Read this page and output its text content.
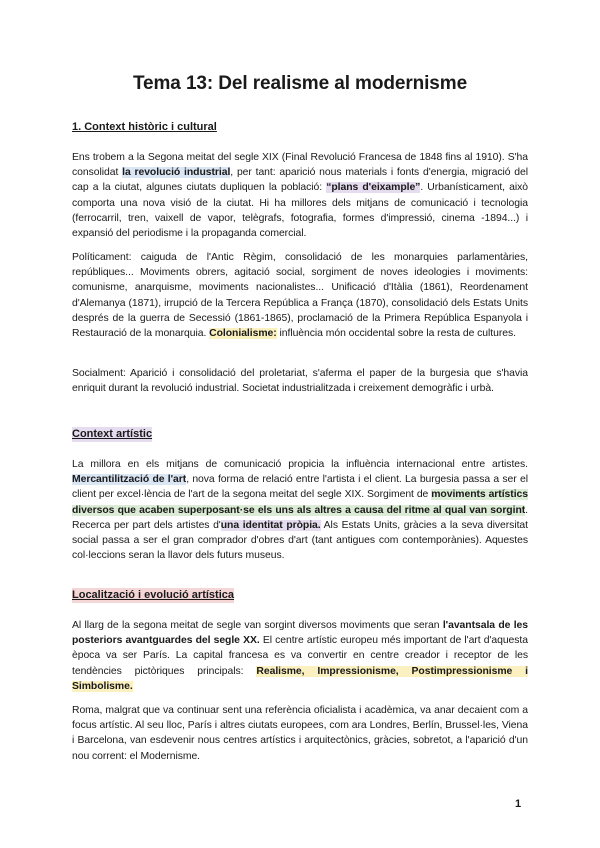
Tema 13: Del realisme al modernisme
1. Context històric i cultural

Ens trobem a la Segona meitat del segle XIX (Final Revolució Francesa de 1848 fins al 1910). S'ha consolidat la revolució industrial, per tant: aparició nous materials i fonts d'energia, migració del cap a la ciutat, algunes ciutats dupliquen la població: “plans d'eixample”. Urbanísticament, això comporta una nova visió de la ciutat. Hi ha millores dels mitjans de comunicació i tecnologia (ferrocarril, tren, vaixell de vapor, telègrafs, fotografia, formes d'impressió, cinema -1894...) i expansió del periodisme i la propaganda comercial.

Políticament: caiguda de l'Antic Règim, consolidació de les monarquies parlamentàries, repúbliques... Moviments obrers, agitació social, sorgiment de noves ideologies i moviments: comunisme, anarquisme, moviments nacionalistes... Unificació d'Itàlia (1861), Reordenament d'Alemanya (1871), irrupció de la Tercera República a França (1870), consolidació dels Estats Units després de la guerra de Secessió (1861-1865), proclamació de la Primera República Espanyola i Restauració de la monarquia. Colonialisme: influència món occidental sobre la resta de cultures.

Socialment: Aparició i consolidació del proletariat, s'aferma el paper de la burgesia que s'havia enriquit durant la revolució industrial. Societat industrialitzada i creixement demogràfic i urbà.

Context artístic

La millora en els mitjans de comunicació propicia la influència internacional entre artistes. Mercantilització de l'art, nova forma de relació entre l'artista i el client. La burgesia passa a ser el client per excel·lència de l'art de la segona meitat del segle XIX. Sorgiment de moviments artístics diversos que acaben superposant·se els uns als altres a causa del ritme al qual van sorgint. Recerca per part dels artistes d'una identitat pròpia. Als Estats Units, gràcies a la seva diversitat social passa a ser el gran comprador d'obres d'art (tant antigues com contemporànies). Aquestes col·leccions seran la llavor dels futurs museus.

Localització i evolució artística

Al llarg de la segona meitat de segle van sorgint diversos moviments que seran l'avantsala de les posteriors avantguardes del segle XX. El centre artístic europeu més important de l'art d'aquesta època va ser París. La capital francesa es va convertir en centre creador i receptor de les tendències pictòriques principals: Realisme, Impressionisme, Postimpressionisme i Simbolisme.

Roma, malgrat que va continuar sent una referència oficialista i acadèmica, va anar decaient com a focus artístic. Al seu lloc, París i altres ciutats europees, com ara Londres, Berlín, Brussel·les, Viena i Barcelona, van esdevenir nous centres artístics i arquitectònics, gràcies, sobretot, a l'aparició d'un nou corrent: el Modernisme.

1
